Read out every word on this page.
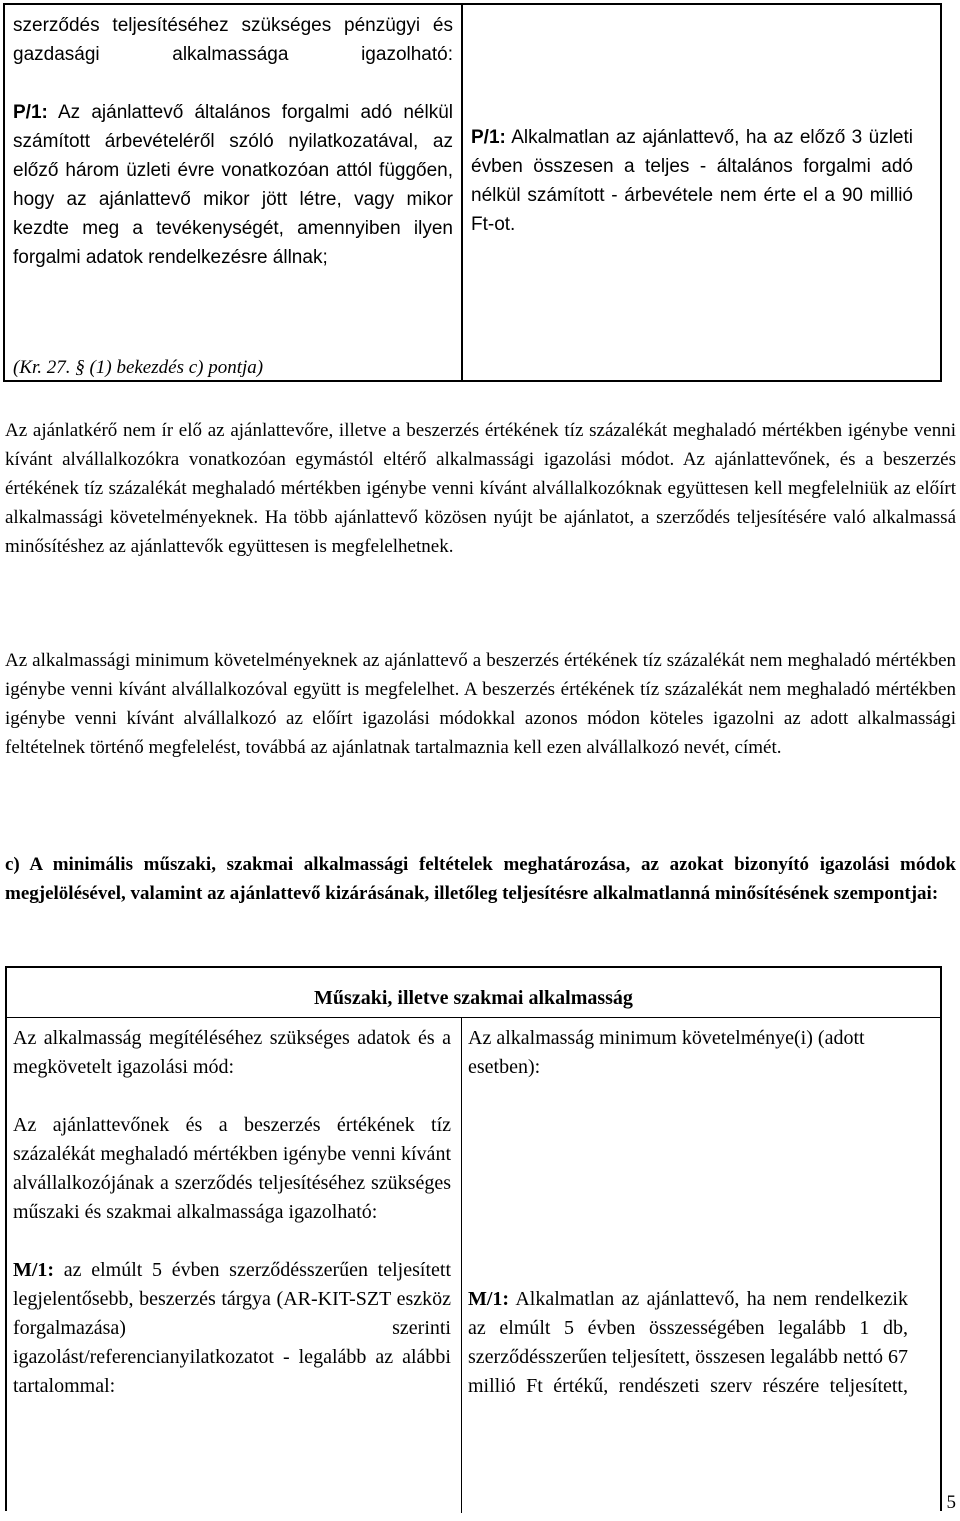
szerződés teljesítéséhez szükséges pénzügyi és gazdasági alkalmassága igazolható:

P/1: Az ajánlattevő általános forgalmi adó nélkül számított árbevételéről szóló nyilatkozatával, az előző három üzleti évre vonatkozóan attól függően, hogy az ajánlattevő mikor jött létre, vagy mikor kezdte meg a tevékenységét, amennyiben ilyen forgalmi adatok rendelkezésre állnak;

(Kr. 27. § (1) bekezdés c) pontja)

P/1: Alkalmatlan az ajánlattevő, ha az előző 3 üzleti évben összesen a teljes - általános forgalmi adó nélkül számított - árbevétele nem érte el a 90 millió Ft-ot.

Az ajánlatkérő nem ír elő az ajánlattevőre, illetve a beszerzés értékének tíz százalékát meghaladó mértékben igénybe venni kívánt alvállalkozókra vonatkozóan egymástól eltérő alkalmassági igazolási módot. Az ajánlattevőnek, és a beszerzés értékének tíz százalékát meghaladó mértékben igénybe venni kívánt alvállalkozóknak együttesen kell megfelelniük az előírt alkalmassági követelményeknek. Ha több ajánlattevő közösen nyújt be ajánlatot, a szerződés teljesítésére való alkalmassá minősítéshez az ajánlattevők együttesen is megfelelhetnek.

Az alkalmassági minimum követelményeknek az ajánlattevő a beszerzés értékének tíz százalékát nem meghaladó mértékben igénybe venni kívánt alvállalkozóval együtt is megfelelhet. A beszerzés értékének tíz százalékát nem meghaladó mértékben igénybe venni kívánt alvállalkozó az előírt igazolási módokkal azonos módon köteles igazolni az adott alkalmassági feltételnek történő megfelelést, továbbá az ajánlatnak tartalmaznia kell ezen alvállalkozó nevét, címét.

c) A minimális műszaki, szakmai alkalmassági feltételek meghatározása, az azokat bizonyító igazolási módok megjelölésével, valamint az ajánlattevő kizárásának, illetőleg teljesítésre alkalmatlanná minősítésének szempontjai:

Műszaki, illetve szakmai alkalmasság

Az alkalmasság megítéléséhez szükséges adatok és a megkövetelt igazolási mód:

Az ajánlattevőnek és a beszerzés értékének tíz százalékát meghaladó mértékben igénybe venni kívánt alvállalkozójának a szerződés teljesítéséhez szükséges műszaki és szakmai alkalmassága igazolható:

M/1: az elmúlt 5 évben szerződésszerűen teljesített legjelentősebb, beszerzés tárgya (AR-KIT-SZT eszköz forgalmazása) szerinti igazolást/referencianyilatkozatot - legalább az alábbi tartalommal:

Az alkalmasság minimum követelménye(i) (adott esetben):

M/1: Alkalmatlan az ajánlattevő, ha nem rendelkezik az elmúlt 5 évben összességében legalább 1 db, szerződésszerűen teljesített, összesen legalább nettó 67 millió Ft értékű, rendészeti szerv részére teljesített,

5
